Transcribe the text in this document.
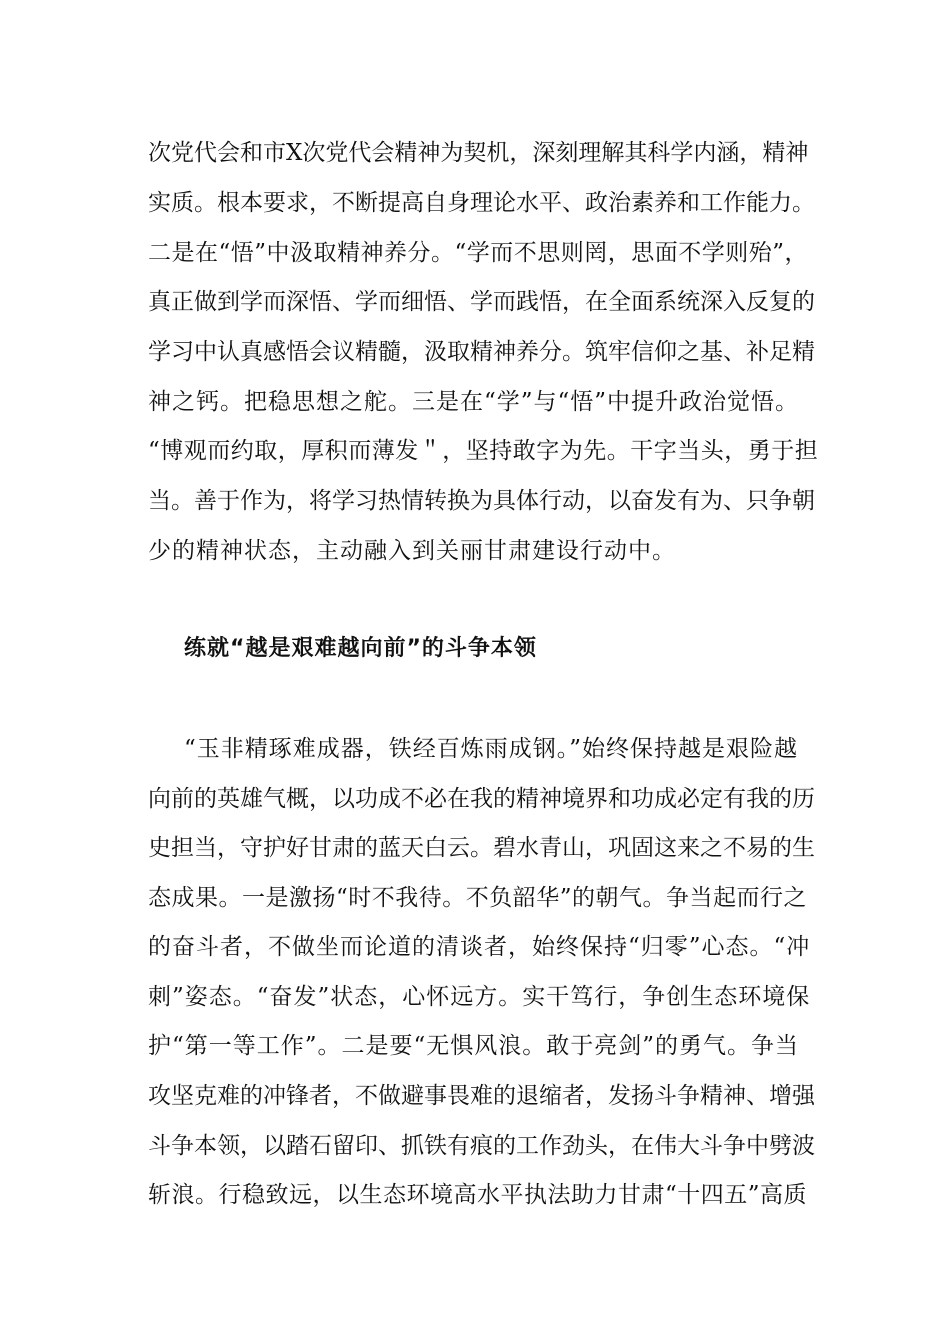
次党代会和市X次党代会精神为契机，深刻理解其科学内涵，精神
实质。根本要求，不断提高自身理论水平、政治素养和工作能力。
二是在“悟”中汲取精神养分。“学而不思则罔，思面不学则殆”，
真正做到学而深悟、学而细悟、学而践悟，在全面系统深入反复的
学习中认真感悟会议精髓，汲取精神养分。筑牢信仰之基、补足精
神之钙。把稳思想之舵。三是在“学”与“悟”中提升政治觉悟。
“博观而约取，厚积而薄发＂，坚持敢字为先。干字当头，勇于担
当。善于作为，将学习热情转换为具体行动，以奋发有为、只争朝
少的精神状态，主动融入到关丽甘肃建设行动中。
练就“越是艰难越向前”的斗争本领
“玉非精琢难成器，铁经百炼雨成钢。”始终保持越是艰险越
向前的英雄气概，以功成不必在我的精神境界和功成必定有我的历
史担当，守护好甘肃的蓝天白云。碧水青山，巩固这来之不易的生
态成果。一是激扬“时不我待。不负韶华”的朝气。争当起而行之
的奋斗者，不做坐而论道的清谈者，始终保持“归零”心态。“冲
刺”姿态。“奋发”状态，心怀远方。实干笃行，争创生态环境保
护“第一等工作”。二是要“无惧风浪。敢于亮剑”的勇气。争当
攻坚克难的冲锋者，不做避事畏难的退缩者，发扬斗争精神、增强
斗争本领，以踏石留印、抓铁有痕的工作劲头，在伟大斗争中劈波
斩浪。行稳致远，以生态环境高水平执法助力甘肃“十四五”高质
